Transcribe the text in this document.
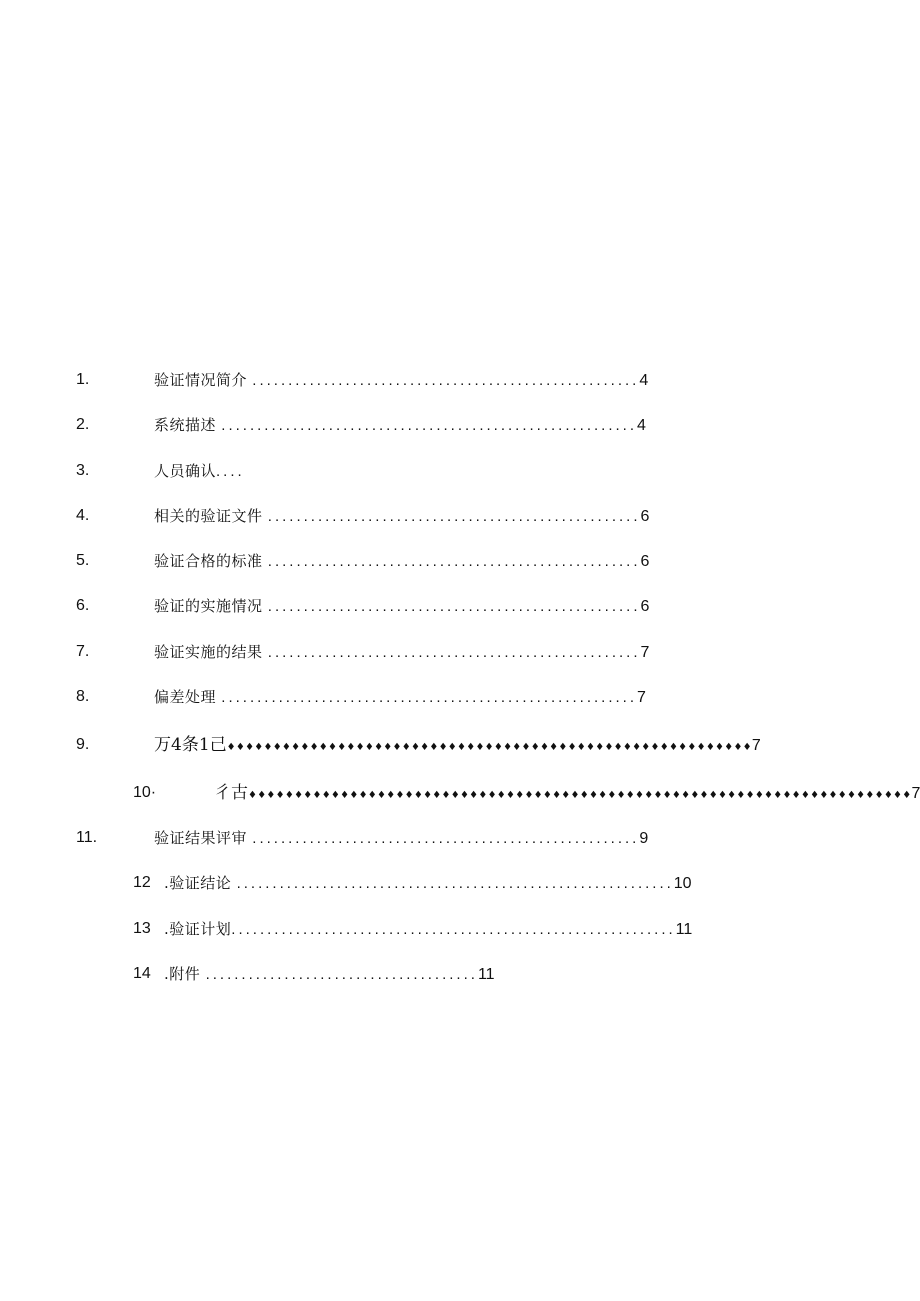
1.	验证情况简介 ......................................................4
2.	系统描述 ..........................................................4
3.	人员确认....
4.	相关的验证文件 ....................................................6
5.	验证合格的标准 ....................................................6
6.	验证的实施情况 ....................................................6
7.	验证实施的结果 ....................................................7
8.	偏差处理 ..........................................................7
9.	万4条1己♦♦♦♦♦♦♦♦♦♦♦♦♦♦♦♦♦♦♦♦♦♦♦♦♦♦♦♦♦♦♦♦♦♦♦♦♦♦♦♦♦♦♦♦♦♦♦♦♦♦♦♦♦♦♦♦♦7
10·	彳古♦♦♦♦♦♦♦♦♦♦♦♦♦♦♦♦♦♦♦♦♦♦♦♦♦♦♦♦♦♦♦♦♦♦♦♦♦♦♦♦♦♦♦♦♦♦♦♦♦♦♦♦♦♦♦♦♦♦♦♦♦♦♦♦♦♦♦♦♦♦♦♦7
11.	验证结果评审 ......................................................9
12 .验证结论 .............................................................10
13 .验证计划..............................................................11
14 .附件 ......................................11
